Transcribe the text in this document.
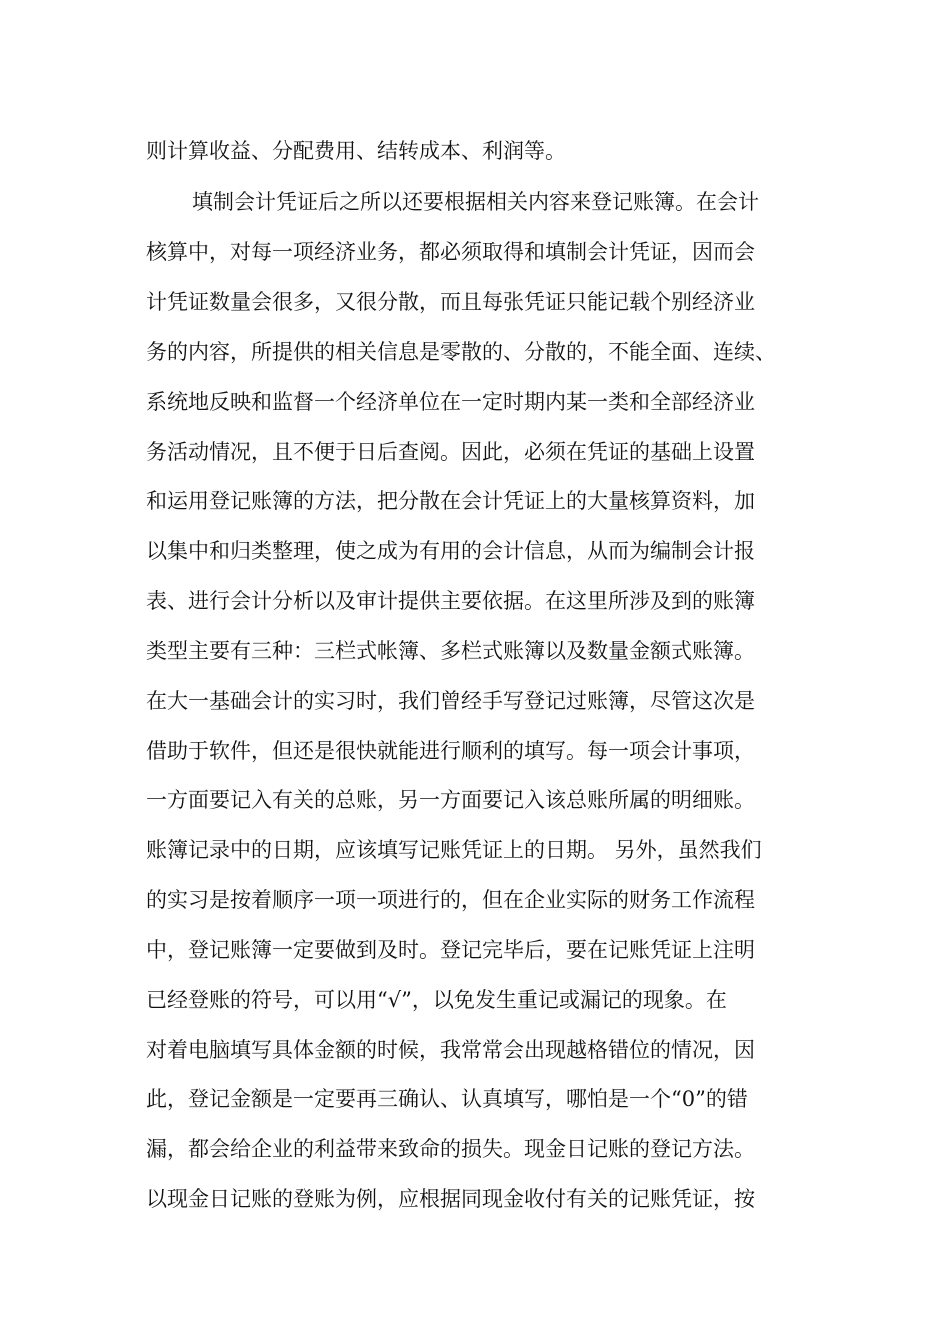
则计算收益、分配费用、结转成本、利润等。
填制会计凭证后之所以还要根据相关内容来登记账簿。在会计
核算中，对每一项经济业务，都必须取得和填制会计凭证，因而会
计凭证数量会很多，又很分散，而且每张凭证只能记载个别经济业
务的内容，所提供的相关信息是零散的、分散的，不能全面、连续、
系统地反映和监督一个经济单位在一定时期内某一类和全部经济业
务活动情况，且不便于日后查阅。因此，必须在凭证的基础上设置
和运用登记账簿的方法，把分散在会计凭证上的大量核算资料，加
以集中和归类整理，使之成为有用的会计信息，从而为编制会计报
表、进行会计分析以及审计提供主要依据。在这里所涉及到的账簿
类型主要有三种：三栏式帐簿、多栏式账簿以及数量金额式账簿。
在大一基础会计的实习时，我们曾经手写登记过账簿，尽管这次是
借助于软件，但还是很快就能进行顺利的填写。每一项会计事项，
一方面要记入有关的总账，另一方面要记入该总账所属的明细账。
账簿记录中的日期，应该填写记账凭证上的日期。 另外，虽然我们
的实习是按着顺序一项一项进行的，但在企业实际的财务工作流程
中，登记账簿一定要做到及时。登记完毕后，要在记账凭证上注明
已经登账的符号，可以用“√”，以免发生重记或漏记的现象。在
对着电脑填写具体金额的时候，我常常会出现越格错位的情况，因
此，登记金额是一定要再三确认、认真填写，哪怕是一个“0”的错
漏，都会给企业的利益带来致命的损失。现金日记账的登记方法。
以现金日记账的登账为例，应根据同现金收付有关的记账凭证，按
